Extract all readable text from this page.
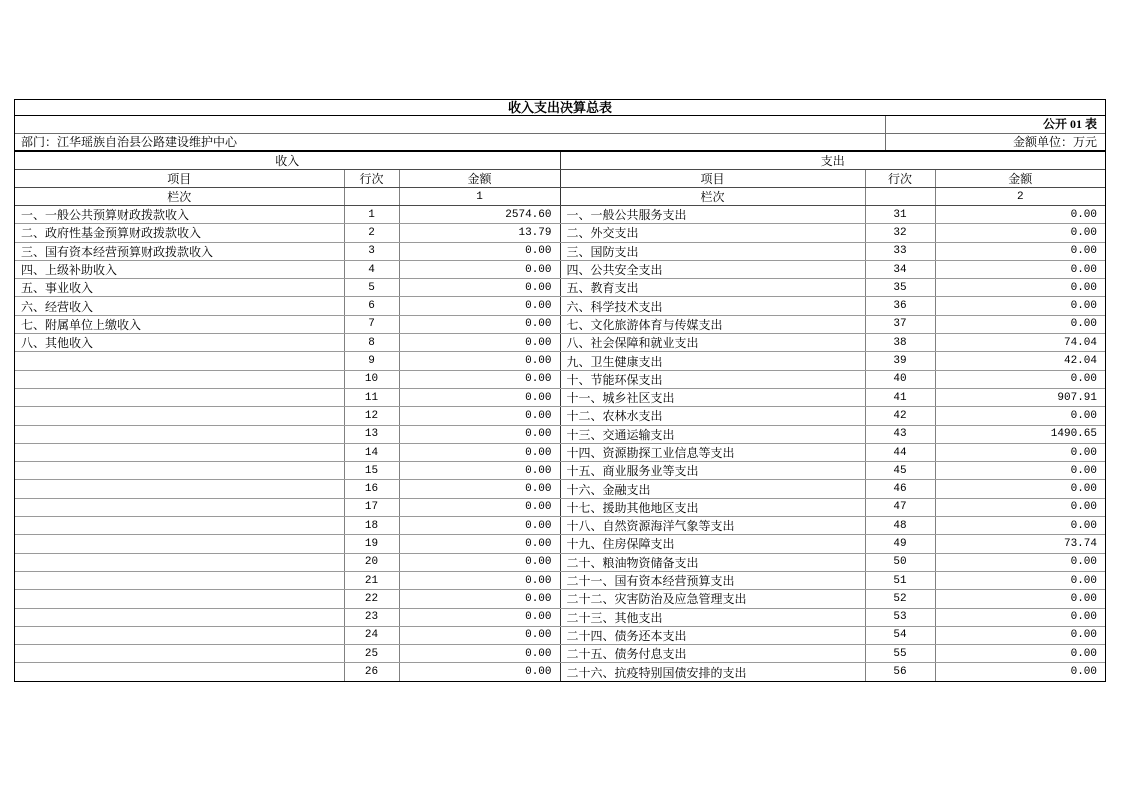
收入支出决算总表
公开 01 表
部门：江华瑶族自治县公路建设维护中心	金额单位：万元
收入			支出		
项目	行次	金额	项目	行次	金额
栏次		1	栏次		2
一、一般公共预算财政拨款收入	1	2574.60	一、一般公共服务支出	31	0.00
二、政府性基金预算财政拨款收入	2	13.79	二、外交支出	32	0.00
三、国有资本经营预算财政拨款收入	3	0.00	三、国防支出	33	0.00
四、上级补助收入	4	0.00	四、公共安全支出	34	0.00
五、事业收入	5	0.00	五、教育支出	35	0.00
六、经营收入	6	0.00	六、科学技术支出	36	0.00
七、附属单位上缴收入	7	0.00	七、文化旅游体育与传媒支出	37	0.00
八、其他收入	8	0.00	八、社会保障和就业支出	38	74.04
	9	0.00	九、卫生健康支出	39	42.04
	10	0.00	十、节能环保支出	40	0.00
	11	0.00	十一、城乡社区支出	41	907.91
	12	0.00	十二、农林水支出	42	0.00
	13	0.00	十三、交通运输支出	43	1490.65
	14	0.00	十四、资源勘探工业信息等支出	44	0.00
	15	0.00	十五、商业服务业等支出	45	0.00
	16	0.00	十六、金融支出	46	0.00
	17	0.00	十七、援助其他地区支出	47	0.00
	18	0.00	十八、自然资源海洋气象等支出	48	0.00
	19	0.00	十九、住房保障支出	49	73.74
	20	0.00	二十、粮油物资储备支出	50	0.00
	21	0.00	二十一、国有资本经营预算支出	51	0.00
	22	0.00	二十二、灾害防治及应急管理支出	52	0.00
	23	0.00	二十三、其他支出	53	0.00
	24	0.00	二十四、债务还本支出	54	0.00
	25	0.00	二十五、债务付息支出	55	0.00
	26	0.00	二十六、抗疫特别国债安排的支出	56	0.00
